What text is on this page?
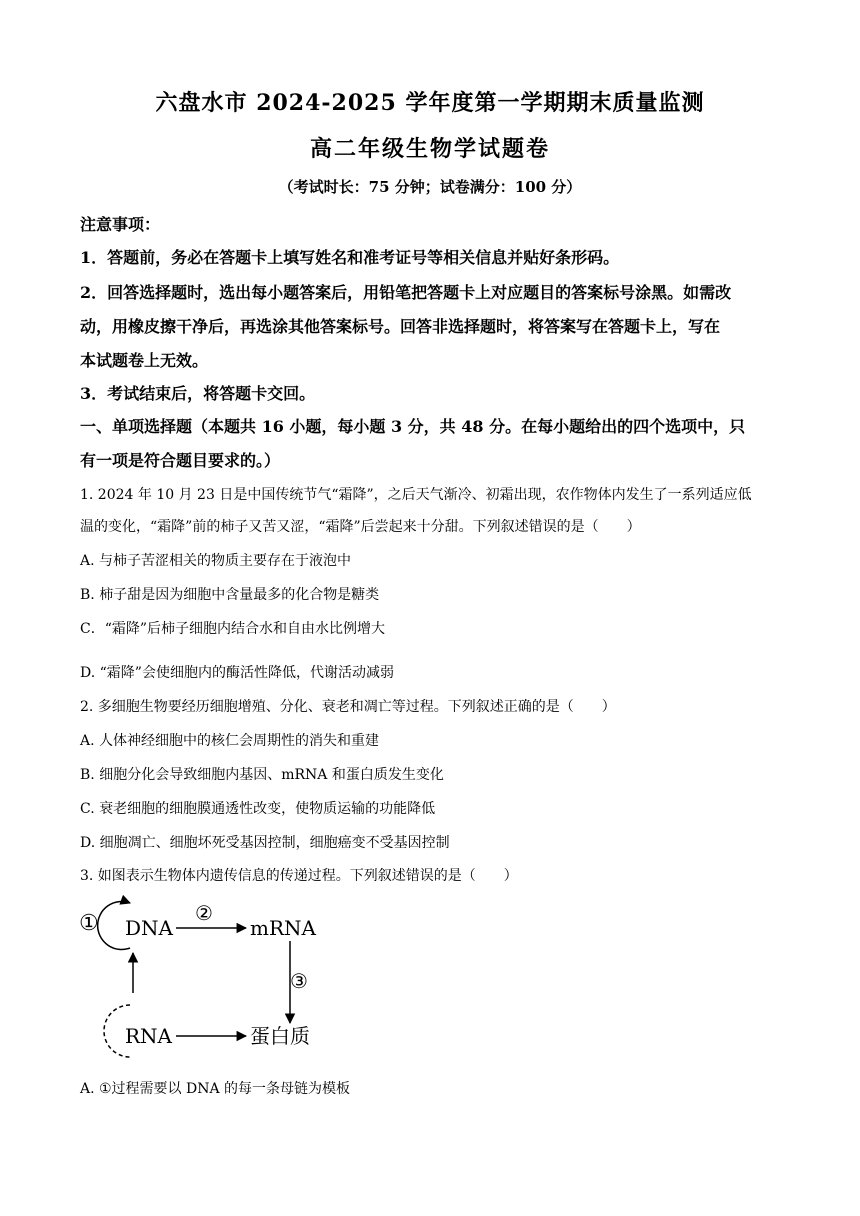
六盘水市 2024-2025 学年度第一学期期末质量监测
高二年级生物学试题卷
（考试时长：75 分钟；试卷满分：100 分）
注意事项：
1．答题前，务必在答题卡上填写姓名和准考证号等相关信息并贴好条形码。
2．回答选择题时，选出每小题答案后，用铅笔把答题卡上对应题目的答案标号涂黑。如需改
动，用橡皮擦干净后，再选涂其他答案标号。回答非选择题时，将答案写在答题卡上，写在
本试题卷上无效。
3．考试结束后，将答题卡交回。
一、单项选择题（本题共 16 小题，每小题 3 分，共 48 分。在每小题给出的四个选项中，只
有一项是符合题目要求的。）
1. 2024 年 10 月 23 日是中国传统节气“霜降”，之后天气渐冷、初霜出现，农作物体内发生了一系列适应低
温的变化，“霜降”前的柿子又苦又涩，“霜降”后尝起来十分甜。下列叙述错误的是（　　）
A. 与柿子苦涩相关的物质主要存在于液泡中
B. 柿子甜是因为细胞中含量最多的化合物是糖类
C．“霜降”后柿子细胞内结合水和自由水比例增大
D. “霜降”会使细胞内的酶活性降低，代谢活动减弱
2. 多细胞生物要经历细胞增殖、分化、衰老和凋亡等过程。下列叙述正确的是（　　）
A. 人体神经细胞中的核仁会周期性的消失和重建
B. 细胞分化会导致细胞内基因、mRNA 和蛋白质发生变化
C. 衰老细胞的细胞膜通透性改变，使物质运输的功能降低
D. 细胞凋亡、细胞坏死受基因控制，细胞癌变不受基因控制
3. 如图表示生物体内遗传信息的传递过程。下列叙述错误的是（　　）
① DNA
②
mRNA
③
RNA	蛋白质
A. ①过程需要以 DNA 的每一条母链为模板
